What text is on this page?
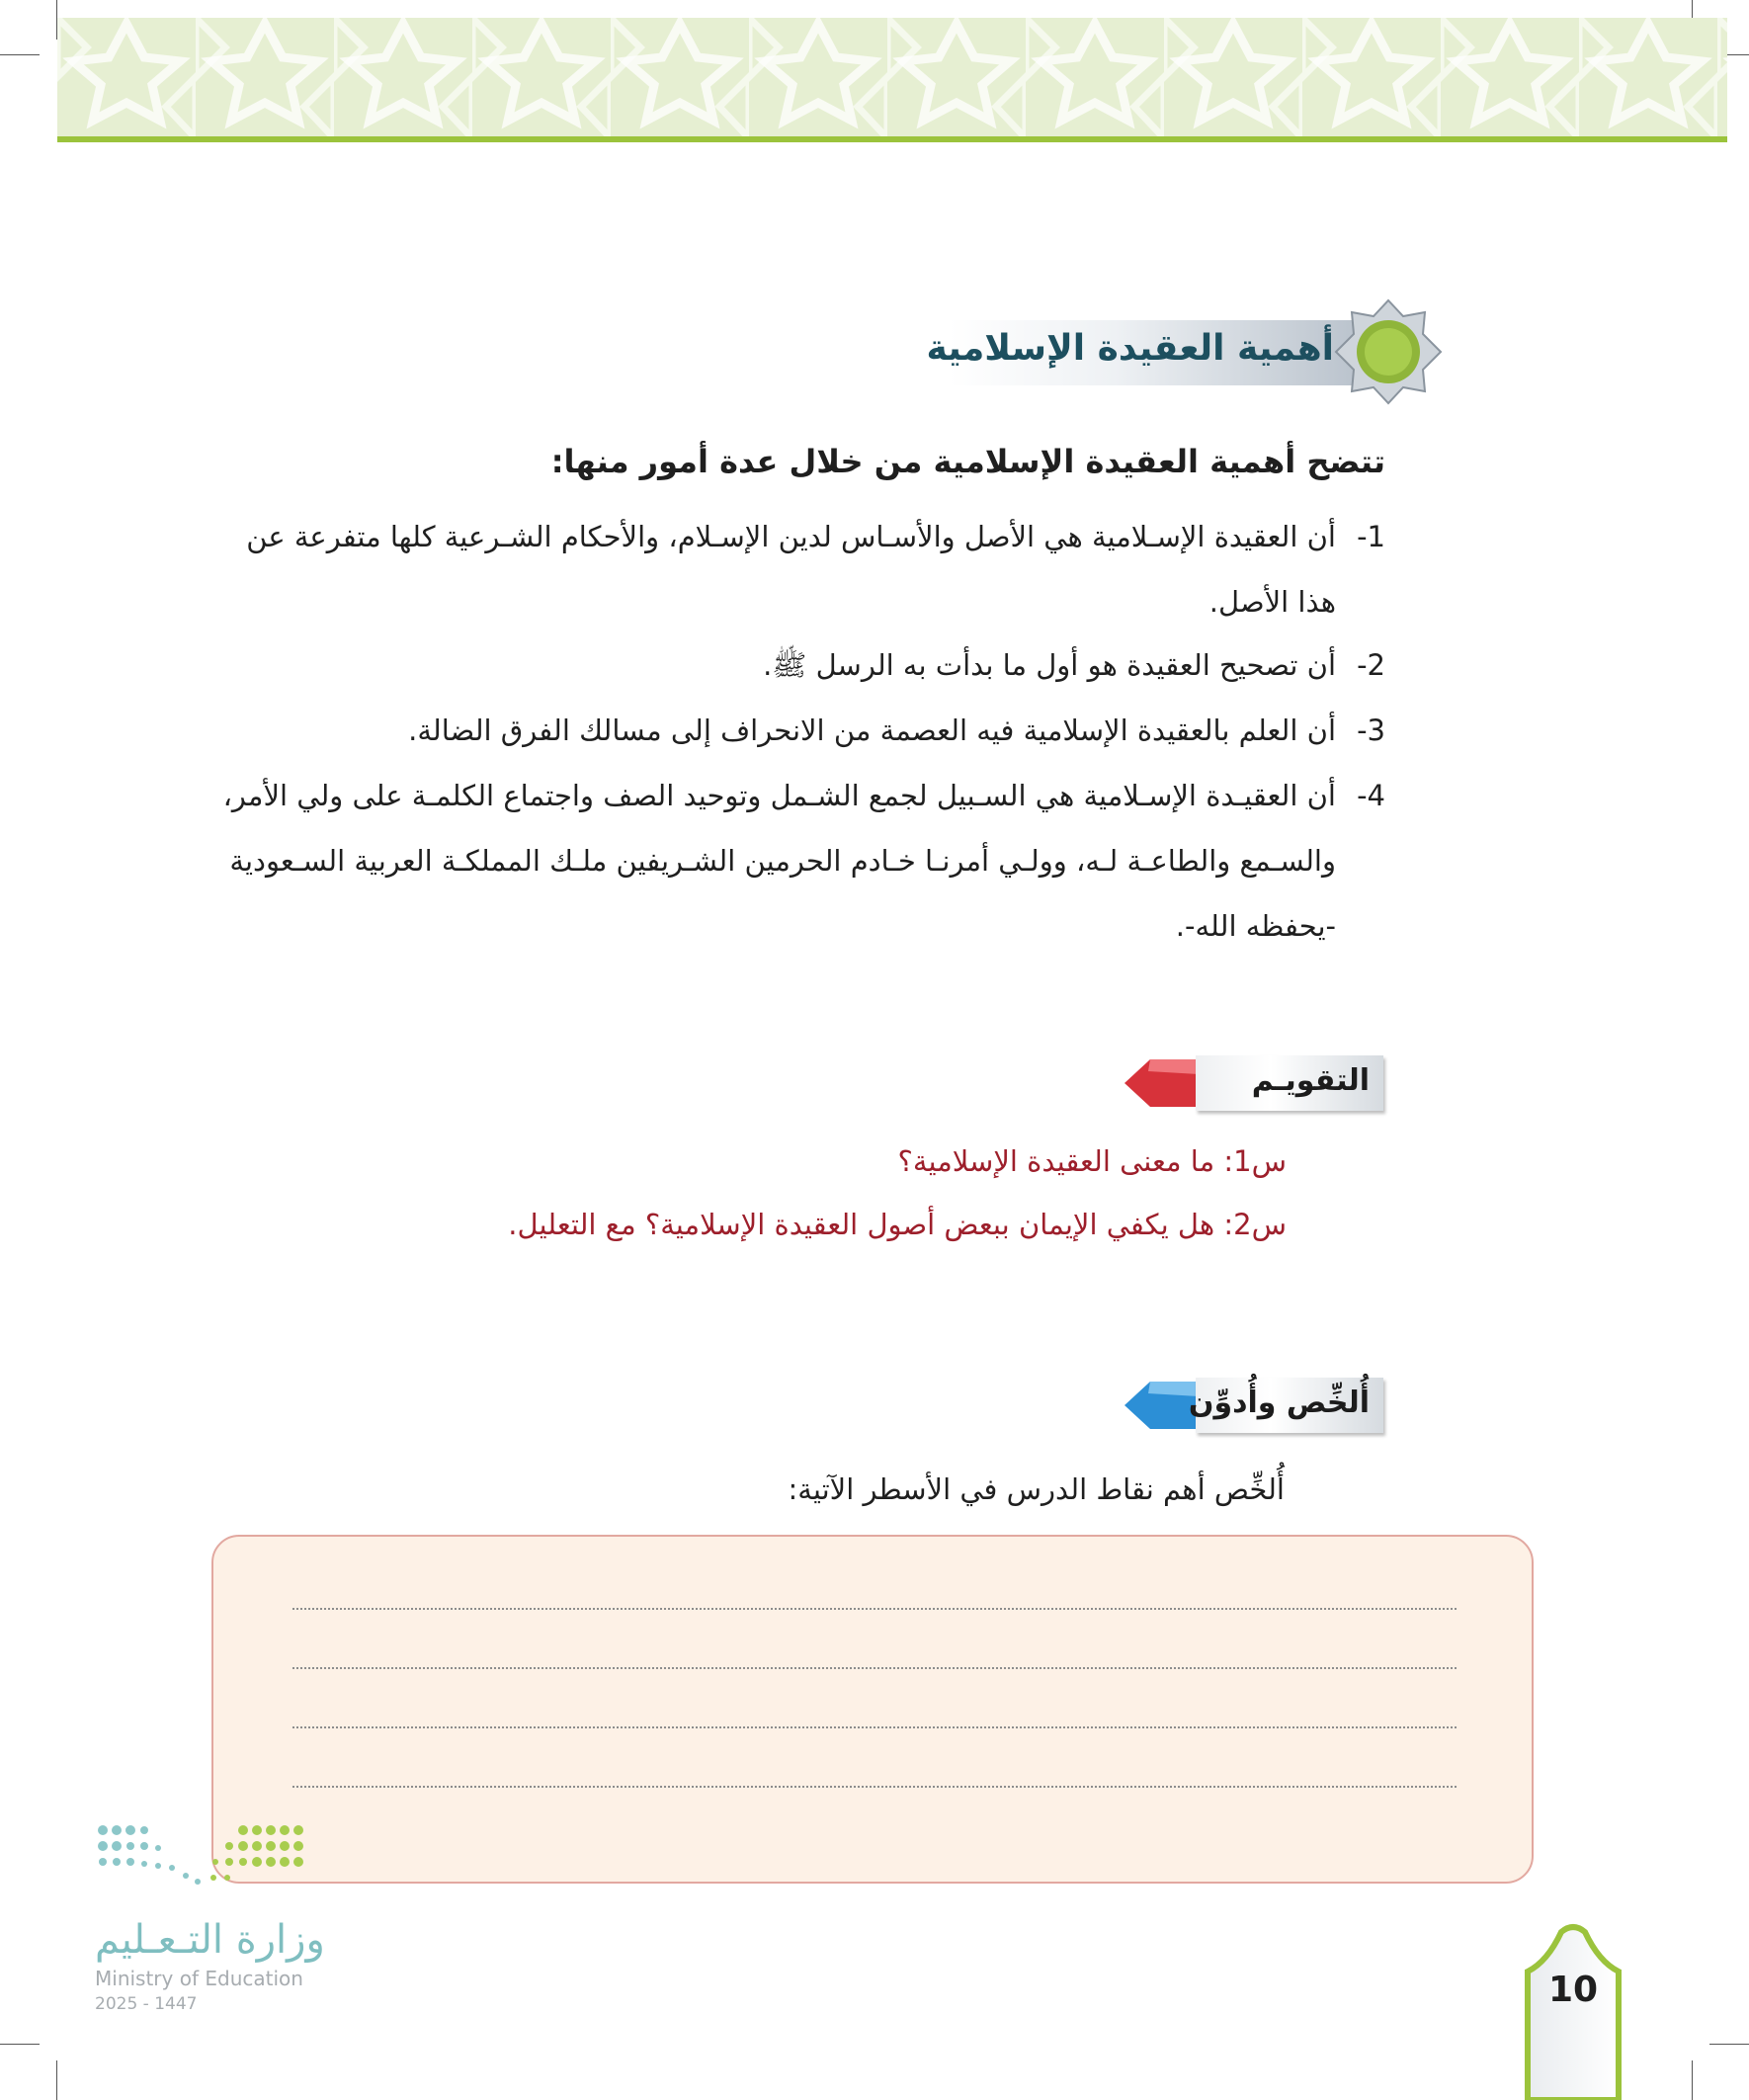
أهمية العقيدة الإسلامية
تتضح أهمية العقيدة الإسلامية من خلال عدة أمور منها:
1-أن العقيدة الإسـلامية هي الأصل والأسـاس لدين الإسـلام، والأحكام الشـرعية كلها متفرعة عن
هذا الأصل.
2-أن تصحيح العقيدة هو أول ما بدأت به الرسل ﷺ.
3-أن العلم بالعقيدة الإسلامية فيه العصمة من الانحراف إلى مسالك الفرق الضالة.
4-أن العقيـدة الإسـلامية هي السـبيل لجمع الشـمل وتوحيد الصف واجتماع الكلمـة على ولي الأمر،
والسـمع والطاعـة لـه، وولـي أمرنـا خـادم الحرمين الشـريفين ملـك المملكـة العربية السـعودية
-يحفظه الله-.
التقويـم
س1: ما معنى العقيدة الإسلامية؟
س2: هل يكفي الإيمان ببعض أصول العقيدة الإسلامية؟ مع التعليل.
أُلخِّص وأُدوِّن
أُلخِّص أهم نقاط الدرس في الأسطر الآتية:
وزارة التـعـليم
Ministry of Education
2025 - 1447	10
